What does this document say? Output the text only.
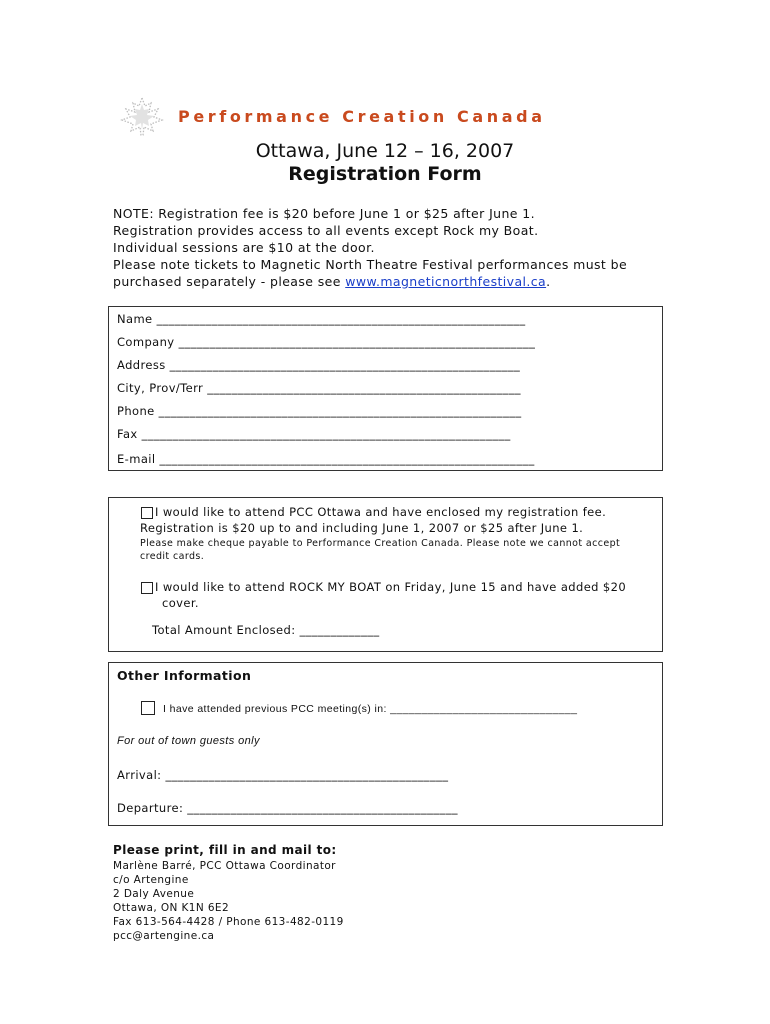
Performance Creation Canada
Ottawa, June 12 – 16, 2007
Registration Form
NOTE: Registration fee is $20 before June 1 or $25 after June 1.
Registration provides access to all events except Rock my Boat.
Individual sessions are $10 at the door.
Please note tickets to Magnetic North Theatre Festival performances must be
purchased separately - please see www.magneticnorthfestival.ca.
Name ____________________________________________________________
Company __________________________________________________________
Address _________________________________________________________
City, Prov/Terr ___________________________________________________
Phone ___________________________________________________________
Fax ____________________________________________________________
E-mail _____________________________________________________________
I would like to attend PCC Ottawa and have enclosed my registration fee.
Registration is $20 up to and including June 1, 2007 or $25 after June 1.
Please make cheque payable to Performance Creation Canada. Please note we cannot accept
credit cards.
I would like to attend ROCK MY BOAT on Friday, June 15 and have added $20
cover.
Total Amount Enclosed: _____________
Other Information
I have attended previous PCC meeting(s) in: ______________________________
For out of town guests only
Arrival: ______________________________________________
Departure: ____________________________________________
Please print, fill in and mail to:
Marlène Barré, PCC Ottawa Coordinator
c/o Artengine
2 Daly Avenue
Ottawa, ON K1N 6E2
Fax 613-564-4428 / Phone 613-482-0119
pcc@artengine.ca
